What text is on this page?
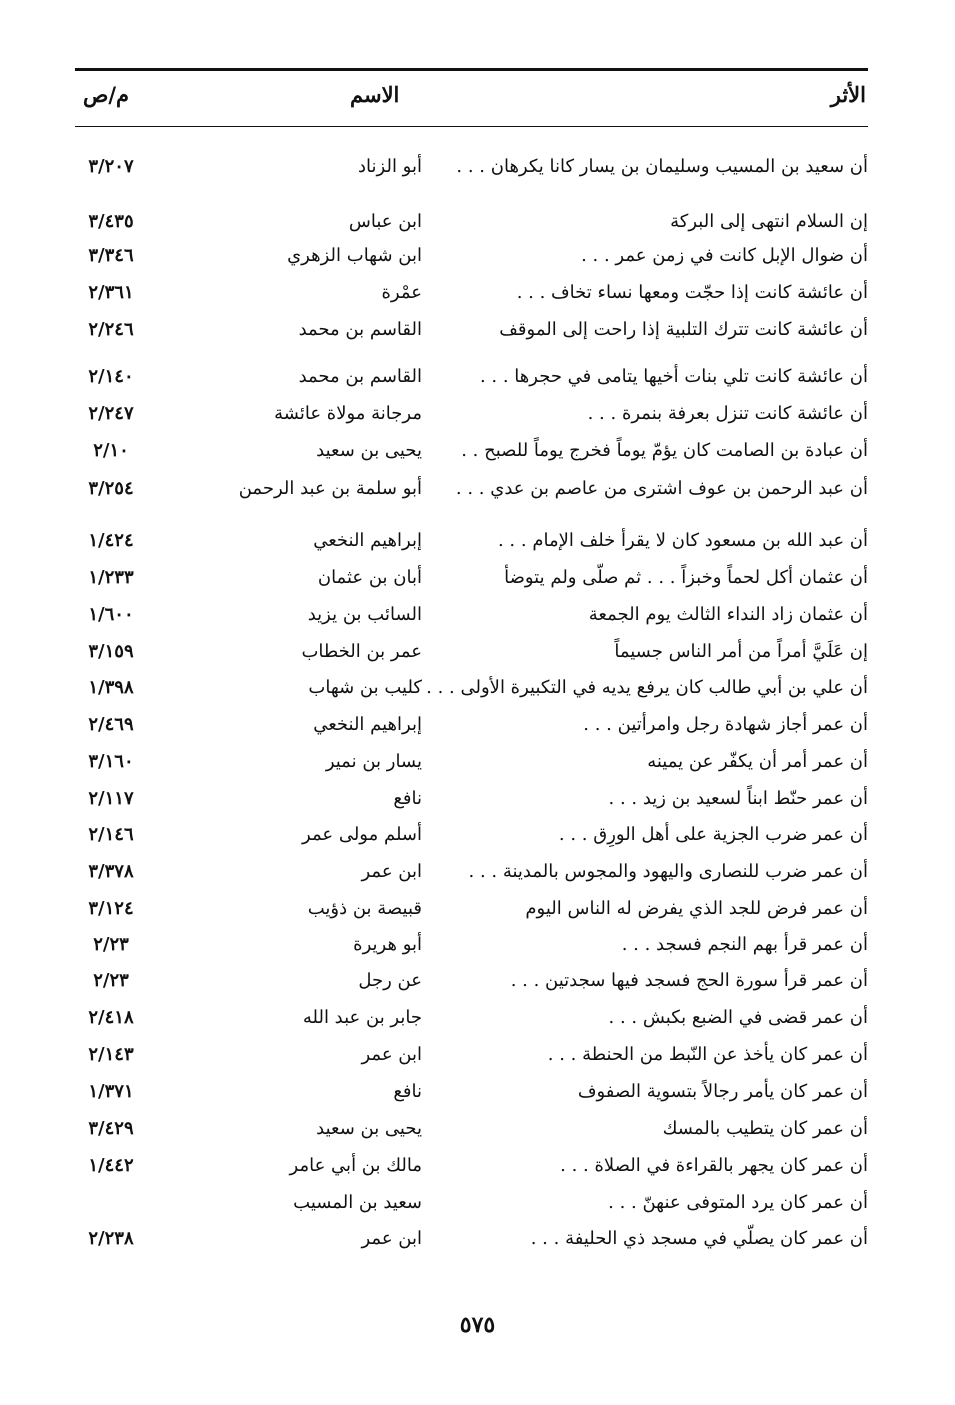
الأثر
الاسم
م/ص
أن سعيد بن المسيب وسليمان بن يسار كانا يكرهان . . .
أبو الزناد
٣/٢٠٧
إن السلام انتهى إلى البركة
ابن عباس
٣/٤٣٥
أن ضوال الإبل كانت في زمن عمر . . .
ابن شهاب الزهري
٣/٣٤٦
أن عائشة كانت إذا حجّت ومعها نساء تخاف . . .
عمْرة
٢/٣٦١
أن عائشة كانت تترك التلبية إذا راحت إلى الموقف
القاسم بن محمد
٢/٢٤٦
أن عائشة كانت تلي بنات أخيها يتامى في حجرها . . .
القاسم بن محمد
٢/١٤٠
أن عائشة كانت تنزل بعرفة بنمرة . . .
مرجانة مولاة عائشة
٢/٢٤٧
أن عبادة بن الصامت كان يؤمّ يوماً فخرج يوماً للصبح . .
يحيى بن سعيد
٢/١٠
أن عبد الرحمن بن عوف اشترى من عاصم بن عدي . . .
أبو سلمة بن عبد الرحمن
٣/٢٥٤
أن عبد الله بن مسعود كان لا يقرأ خلف الإمام . . .
إبراهيم النخعي
١/٤٢٤
أن عثمان أكل لحماً وخبزاً . . . ثم صلّى ولم يتوضأ
أبان بن عثمان
١/٢٣٣
أن عثمان زاد النداء الثالث يوم الجمعة
السائب بن يزيد
١/٦٠٠
إن عَلَيَّ أمراً من أمر الناس جسيماً
عمر بن الخطاب
٣/١٥٩
أن علي بن أبي طالب كان يرفع يديه في التكبيرة الأولى . . .
كليب بن شهاب
١/٣٩٨
أن عمر أجاز شهادة رجل وامرأتين . . .
إبراهيم النخعي
٢/٤٦٩
أن عمر أمر أن يكفّر عن يمينه
يسار بن نمير
٣/١٦٠
أن عمر حنّط ابناً لسعيد بن زيد . . .
نافع
٢/١١٧
أن عمر ضرب الجزية على أهل الورِق . . .
أسلم مولى عمر
٢/١٤٦
أن عمر ضرب للنصارى واليهود والمجوس بالمدينة . . .
ابن عمر
٣/٣٧٨
أن عمر فرض للجد الذي يفرض له الناس اليوم
قبيصة بن ذؤيب
٣/١٢٤
أن عمر قرأ بهم النجم فسجد . . .
أبو هريرة
٢/٢٣
أن عمر قرأ سورة الحج فسجد فيها سجدتين . . .
عن رجل
٢/٢٣
أن عمر قضى في الضبع بكبش . . .
جابر بن عبد الله
٢/٤١٨
أن عمر كان يأخذ عن النّبط من الحنطة . . .
ابن عمر
٢/١٤٣
أن عمر كان يأمر رجالاً بتسوية الصفوف
نافع
١/٣٧١
أن عمر كان يتطيب بالمسك
يحيى بن سعيد
٣/٤٢٩
أن عمر كان يجهر بالقراءة في الصلاة . . .
مالك بن أبي عامر
١/٤٤٢
أن عمر كان يرد المتوفى عنهنّ . . .
سعيد بن المسيب
أن عمر كان يصلّي في مسجد ذي الحليفة . . .
ابن عمر
٢/٢٣٨
٥٧٥
